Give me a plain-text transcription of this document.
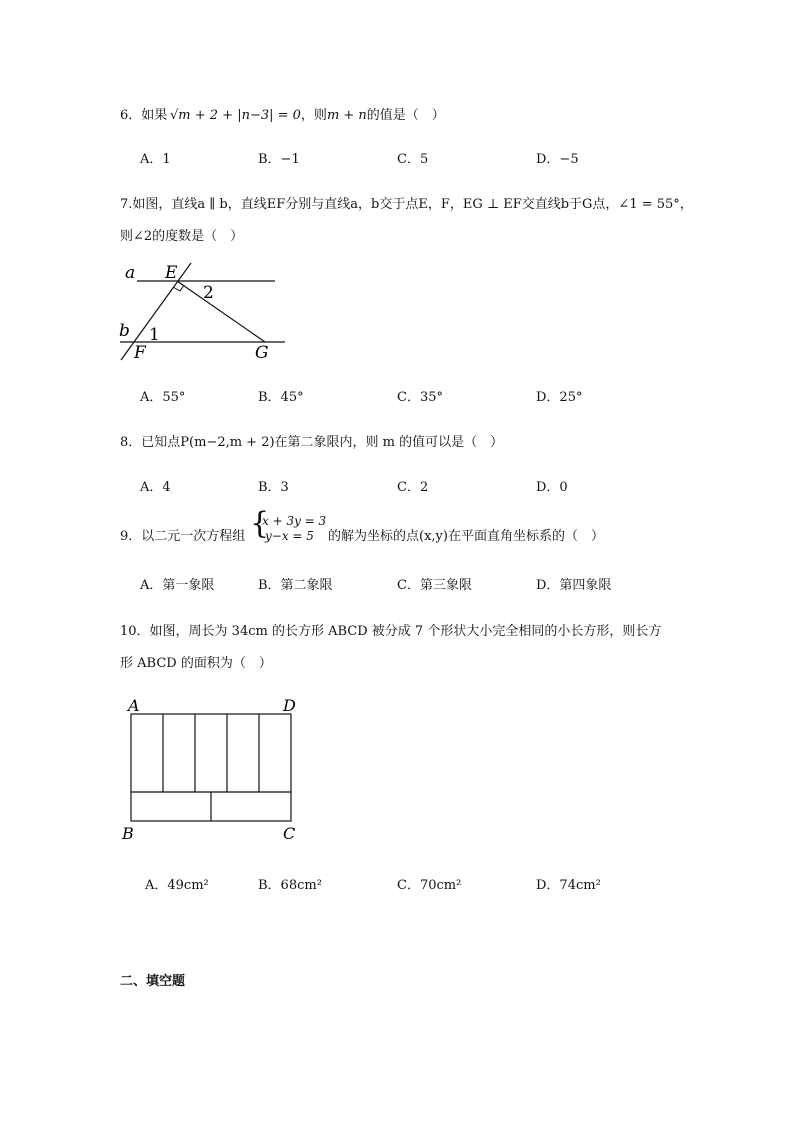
6．如果 √m + 2 + |n−3| = 0，则m + n的值是（　）
A．1	B．−1	C．5	D．−5
7.如图，直线a ∥ b，直线EF分别与直线a，b交于点E，F，EG ⊥ EF交直线b于G点，∠1 = 55°，
则∠2的度数是（　）
a E
2
b 1
F	G
A．55°	B．45°	C．35°	D．25°
8．已知点P(m−2,m + 2)在第二象限内，则 m 的值可以是（　）
A．4	B．3	C．2	D．0
9．以二元一次方程组 {
x + 3y = 3
y−x = 5 的解为坐标的点(x,y)在平面直角坐标系的（　）
A．第一象限	B．第二象限	C．第三象限	D．第四象限
10．如图，周长为 34cm 的长方形 ABCD 被分成 7 个形状大小完全相同的小长方形，则长方
形 ABCD 的面积为（　）
A	D
B	C
A．49cm²	B．68cm²	C．70cm²	D．74cm²
二、填空题
